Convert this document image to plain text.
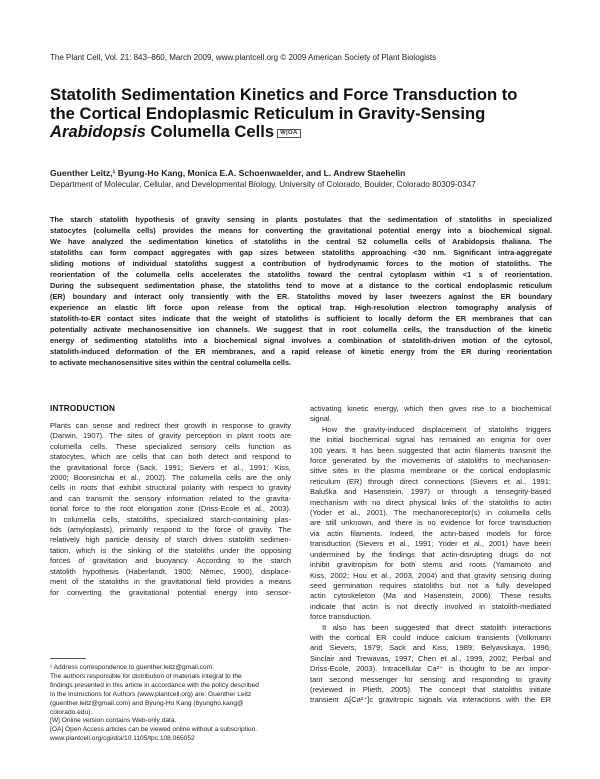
The Plant Cell, Vol. 21: 843–860, March 2009, www.plantcell.org © 2009 American Society of Plant Biologists
Statolith Sedimentation Kinetics and Force Transduction to
the Cortical Endoplasmic Reticulum in Gravity-Sensing
Arabidopsis Columella Cells W|OA
Guenther Leitz,¹ Byung-Ho Kang, Monica E.A. Schoenwaelder, and L. Andrew Staehelin
Department of Molecular, Cellular, and Developmental Biology, University of Colorado, Boulder, Colorado 80309-0347
The starch statolith hypothesis of gravity sensing in plants postulates that the sedimentation of statoliths in specialized
statocytes (columella cells) provides the means for converting the gravitational potential energy into a biochemical signal.
We have analyzed the sedimentation kinetics of statoliths in the central S2 columella cells of Arabidopsis thaliana. The
statoliths can form compact aggregates with gap sizes between statoliths approaching <30 nm. Significant intra-aggregate
sliding motions of individual statoliths suggest a contribution of hydrodynamic forces to the motion of statoliths. The
reorientation of the columella cells accelerates the statoliths toward the central cytoplasm within <1 s of reorientation.
During the subsequent sedimentation phase, the statoliths tend to move at a distance to the cortical endoplasmic reticulum
(ER) boundary and interact only transiently with the ER. Statoliths moved by laser tweezers against the ER boundary
experience an elastic lift force upon release from the optical trap. High-resolution electron tomography analysis of
statolith-to-ER contact sites indicate that the weight of statoliths is sufficient to locally deform the ER membranes that can
potentially activate mechanosensitive ion channels. We suggest that in root columella cells, the transduction of the kinetic
energy of sedimenting statoliths into a biochemical signal involves a combination of statolith-driven motion of the cytosol,
statolith-induced deformation of the ER membranes, and a rapid release of kinetic energy from the ER during reorientation
to activate mechanosensitive sites within the central columella cells.
INTRODUCTION
Plants can sense and redirect their growth in response to gravity
(Darwin, 1907). The sites of gravity perception in plant roots are
columella cells. These specialized sensory cells function as
statocytes, which are cells that can both detect and respond to
the gravitational force (Sack, 1991; Sievers et al., 1991; Kiss,
2000; Boonsirichai et al., 2002). The columella cells are the only
cells in roots that exhibit structural polarity with respect to gravity
and can transmit the sensory information related to the gravita-
tional force to the root elongation zone (Driss-Ecole et al., 2003).
In columella cells, statoliths, specialized starch-containing plas-
tids (amyloplasts), primarily respond to the force of gravity. The
relatively high particle density of starch drives statolith sedimen-
tation, which is the sinking of the statoliths under the opposing
forces of gravitation and buoyancy. According to the starch
statolith hypothesis (Haberlandt, 1900; Němec, 1900), displace-
ment of the statoliths in the gravitational field provides a means
for converting the gravitational potential energy into sensor-
activating kinetic energy, which then gives rise to a biochemical
signal.
How the gravity-induced displacement of statoliths triggers
the initial biochemical signal has remained an enigma for over
100 years. It has been suggested that actin filaments transmit the
force generated by the movements of statoliths to mechanosen-
sitive sites in the plasma membrane or the cortical endoplasmic
reticulum (ER) through direct connections (Sievers et al., 1991;
Baluška and Hasenstein, 1997) or through a tensegrity-based
mechanism with no direct physical links of the statoliths to actin
(Yoder et al., 2001). The mechanoreceptor(s) in columella cells
are still unknown, and there is no evidence for force transduction
via actin filaments. Indeed, the actin-based models for force
transduction (Sievers et al., 1991; Yoder et al., 2001) have been
undermined by the findings that actin-disrupting drugs do not
inhibit gravitropism for both stems and roots (Yamamoto and
Kiss, 2002; Hou et al., 2003, 2004) and that gravity sensing during
seed germination requires statoliths but not a fully developed
actin cytoskeleton (Ma and Hasenstein, 2006). These results
indicate that actin is not directly involved in statolith-mediated
force transduction.
It also has been suggested that direct statolith interactions
with the cortical ER could induce calcium transients (Volkmann
and Sievers, 1979; Sack and Kiss, 1989; Belyavskaya, 1996;
Sinclair and Trewavas, 1997; Chen et al., 1999, 2002; Perbal and
Driss-Ecole, 2003). Intracellular Ca²⁺ is thought to be an impor-
tant second messenger for sensing and responding to gravity
(reviewed in Plieth, 2005). The concept that statoliths initiate
transient Δ[Ca²⁺]c gravitropic signals via interactions with the ER
¹ Address correspondence to guenther.leitz@gmail.com.
The authors responsible for distribution of materials integral to the
findings presented in this article in accordance with the policy described
in the Instructions for Authors (www.plantcell.org) are: Guenther Leitz
(guenther.leitz@gmail.com) and Byung-Ho Kang (byungho.kang@
colorado.edu).
[W] Online version contains Web-only data.
[OA] Open Access articles can be viewed online without a subscription.
www.plantcell.org/cgi/doi/10.1105/tpc.108.065052
